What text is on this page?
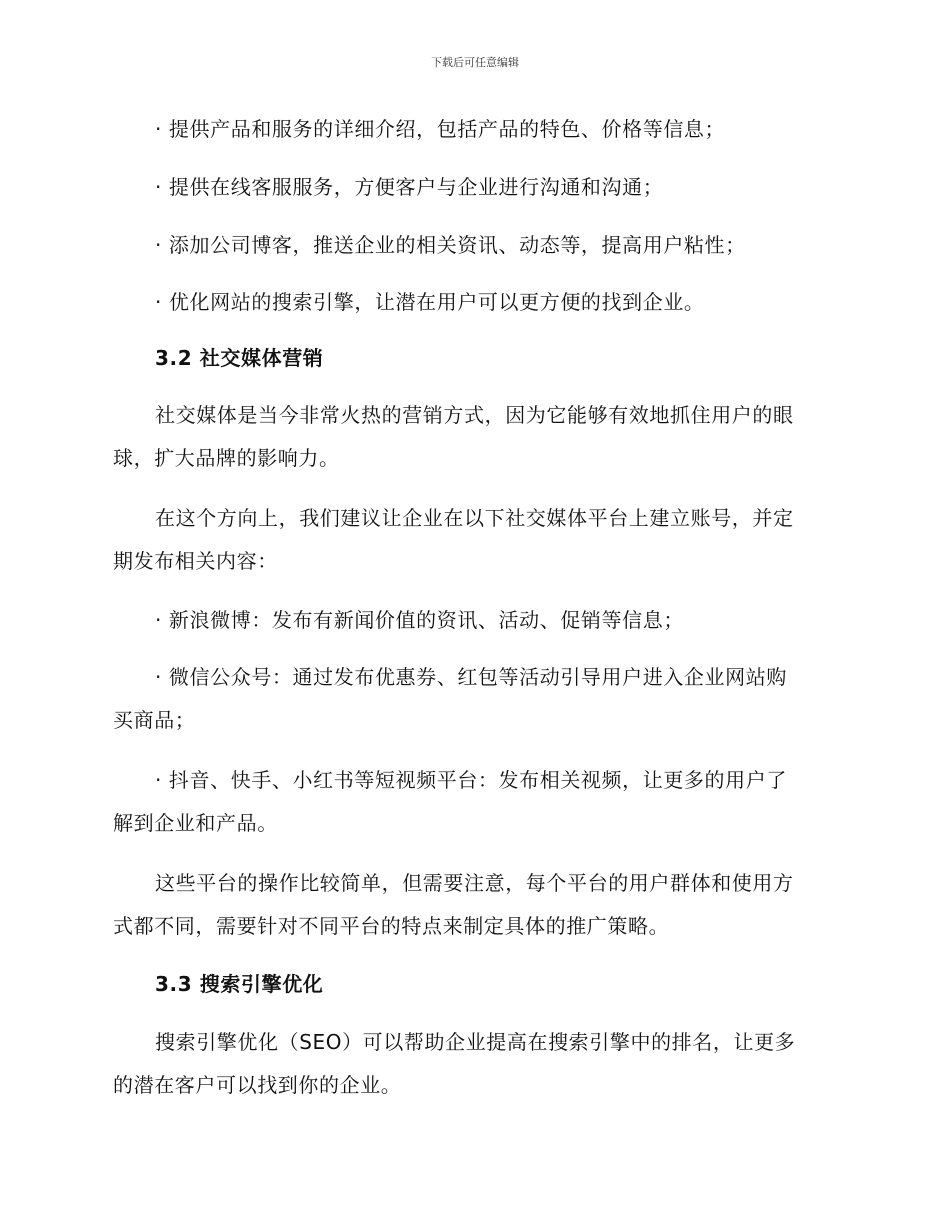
下载后可任意编辑
· 提供产品和服务的详细介绍，包括产品的特色、价格等信息；
· 提供在线客服服务，方便客户与企业进行沟通和沟通；
· 添加公司博客，推送企业的相关资讯、动态等，提高用户粘性；
· 优化网站的搜索引擎，让潜在用户可以更方便的找到企业。
3.2 社交媒体营销
社交媒体是当今非常火热的营销方式，因为它能够有效地抓住用户的眼
球，扩大品牌的影响力。
在这个方向上，我们建议让企业在以下社交媒体平台上建立账号，并定
期发布相关内容：
· 新浪微博：发布有新闻价值的资讯、活动、促销等信息；
· 微信公众号：通过发布优惠券、红包等活动引导用户进入企业网站购
买商品；
· 抖音、快手、小红书等短视频平台：发布相关视频，让更多的用户了
解到企业和产品。
这些平台的操作比较简单，但需要注意，每个平台的用户群体和使用方
式都不同，需要针对不同平台的特点来制定具体的推广策略。
3.3 搜索引擎优化
搜索引擎优化（SEO）可以帮助企业提高在搜索引擎中的排名，让更多
的潜在客户可以找到你的企业。
